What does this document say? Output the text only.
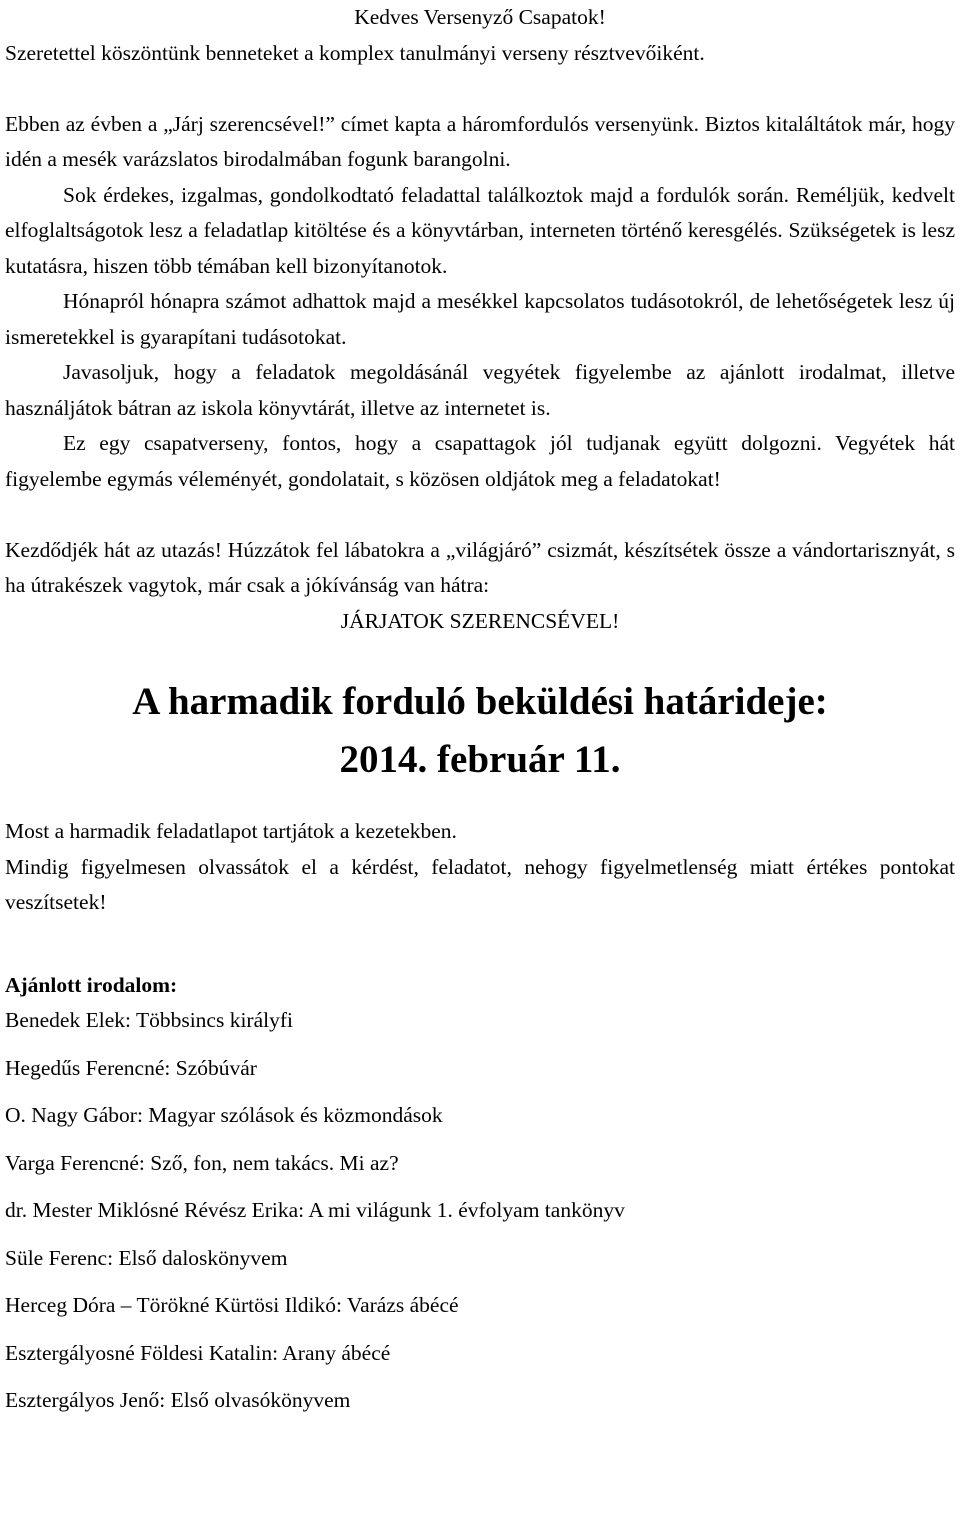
Kedves Versenyző Csapatok!

Szeretettel köszöntünk benneteket a komplex tanulmányi verseny résztvevőiként.

Ebben az évben a „Járj szerencsével!” címet kapta a háromfordulós versenyünk. Biztos kitaláltátok már, hogy idén a mesék varázslatos birodalmában fogunk barangolni.

Sok érdekes, izgalmas, gondolkodtató feladattal találkoztok majd a fordulók során. Reméljük, kedvelt elfoglaltságotok lesz a feladatlap kitöltése és a könyvtárban, interneten történő keresgélés. Szükségetek is lesz kutatásra, hiszen több témában kell bizonyítanotok.

Hónapról hónapra számot adhattok majd a mesékkel kapcsolatos tudásotokról, de lehetőségetek lesz új ismeretekkel is gyarapítani tudásotokat.

Javasoljuk, hogy a feladatok megoldásánál vegyétek figyelembe az ajánlott irodalmat, illetve használjátok bátran az iskola könyvtárát, illetve az internetet is.

Ez egy csapatverseny, fontos, hogy a csapattagok jól tudjanak együtt dolgozni. Vegyétek hát figyelembe egymás véleményét, gondolatait, s közösen oldjátok meg a feladatokat!

Kezdődjék hát az utazás! Húzzátok fel lábatokra a „világjáró” csizmát, készítsétek össze a vándortarisznyát, s ha útrakészek vagytok, már csak a jókívánság van hátra:

JÁRJATOK SZERENCSÉVEL!

A harmadik forduló beküldési határideje:

2014. február 11.

Most a harmadik feladatlapot tartjátok a kezetekben.

Mindig figyelmesen olvassátok el a kérdést, feladatot, nehogy figyelmetlenség miatt értékes pontokat veszítsetek!

Ajánlott irodalom:

Benedek Elek: Többsincs királyfi

Hegedűs Ferencné: Szóbúvár

O. Nagy Gábor: Magyar szólások és közmondások

Varga Ferencné: Sző, fon, nem takács. Mi az?

dr. Mester Miklósné Révész Erika: A mi világunk 1. évfolyam tankönyv

Süle Ferenc: Első daloskönyvem

Herceg Dóra – Törökné Kürtösi Ildikó: Varázs ábécé

Esztergályosné Földesi Katalin: Arany ábécé

Esztergályos Jenő: Első olvasókönyvem
